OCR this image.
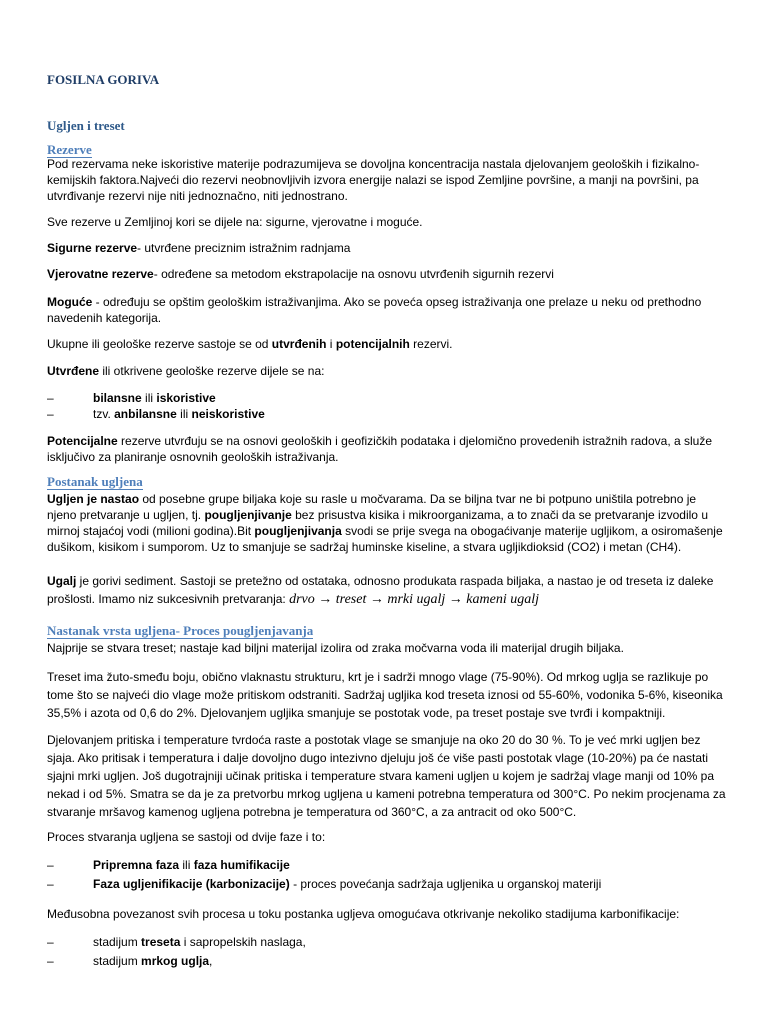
FOSILNA GORIVA
Ugljen i treset
Rezerve
Pod rezervama neke iskoristive materije podrazumijeva se dovoljna koncentracija nastala djelovanjem geoloških i fizikalno-kemijskih faktora.Najveći dio rezervi neobnovljivih izvora energije nalazi se ispod Zemljine površine, a manji na površini, pa utvrđivanje rezervi nije niti jednoznačno, niti jednostrano.
Sve rezerve u Zemljinoj kori se dijele na: sigurne, vjerovatne i moguće.
Sigurne rezerve- utvrđene preciznim istražnim radnjama
Vjerovatne rezerve- određene sa metodom ekstrapolacije na osnovu utvrđenih sigurnih rezervi
Moguće - određuju se opštim geološkim istraživanjima. Ako se poveća opseg istraživanja one prelaze u neku od prethodno navedenih kategorija.
Ukupne ili geološke rezerve sastoje se od utvrđenih i potencijalnih rezervi.
Utvrđene ili otkrivene geološke rezerve dijele se na:
–	bilansne ili iskoristive
–	tzv. anbilansne ili neiskoristive
Potencijalne rezerve utvrđuju se na osnovi geoloških i geofizičkih podataka i djelomično provedenih istražnih radova, a služe isključivo za planiranje osnovnih geoloških istraživanja.
Postanak ugljena
Ugljen je nastao od posebne grupe biljaka koje su rasle u močvarama. Da se biljna tvar ne bi potpuno uništila potrebno je njeno pretvaranje u ugljen, tj. pougljenjivanje bez prisustva kisika i mikroorganizama, a to znači da se pretvaranje izvodilo u mirnoj stajaćoj vodi (milioni godina).Bit pougljenjivanja svodi se prije svega na obogaćivanje materije ugljikom, a osiromašenje dušikom, kisikom i sumporom. Uz to smanjuje se sadržaj huminske kiseline, a stvara ugljikdioksid (CO2) i metan (CH4).
Ugalj je gorivi sediment. Sastoji se pretežno od ostataka, odnosno produkata raspada biljaka, a nastao je od treseta iz daleke prošlosti. Imamo niz sukcesivnih pretvaranja: drvo → treset → mrki ugalj → kameni ugalj
Nastanak vrsta ugljena- Proces pougljenjavanja
Najprije se stvara treset; nastaje kad biljni materijal izolira od zraka močvarna voda ili materijal drugih biljaka.
Treset ima žuto-smeđu boju, obično vlaknastu strukturu, krt je i sadrži mnogo vlage (75-90%). Od mrkog uglja se razlikuje po tome što se najveći dio vlage može pritiskom odstraniti. Sadržaj ugljika kod treseta iznosi od 55-60%, vodonika 5-6%, kiseonika 35,5% i azota od 0,6 do 2%. Djelovanjem ugljika smanjuje se postotak vode, pa treset postaje sve tvrđi i kompaktniji.
Djelovanjem pritiska i temperature tvrdoća raste a postotak vlage se smanjuje na oko 20 do 30 %. To je već mrki ugljen bez sjaja. Ako pritisak i temperatura i dalje dovoljno dugo intezivno djeluju još će više pasti postotak vlage (10-20%) pa će nastati sjajni mrki ugljen. Još dugotrajniji učinak pritiska i temperature stvara kameni ugljen u kojem je sadržaj vlage manji od 10% pa nekad i od 5%. Smatra se da je za pretvorbu mrkog ugljena u kameni potrebna temperatura od 300°C. Po nekim procjenama za stvaranje mršavog kamenog ugljena potrebna je temperatura od 360°C, a za antracit od oko 500°C.
Proces stvaranja ugljena se sastoji od dvije faze i to:
–	Pripremna faza ili faza humifikacije
–	Faza ugljenifikacije (karbonizacije) - proces povećanja sadržaja ugljenika u organskoj materiji
Međusobna povezanost svih procesa u toku postanka uglјeva omogućava otkrivanje nekoliko stadijuma karbonifikacije:
–	stadijum treseta i sapropelskih naslaga,
–	stadijum mrkog uglja,
